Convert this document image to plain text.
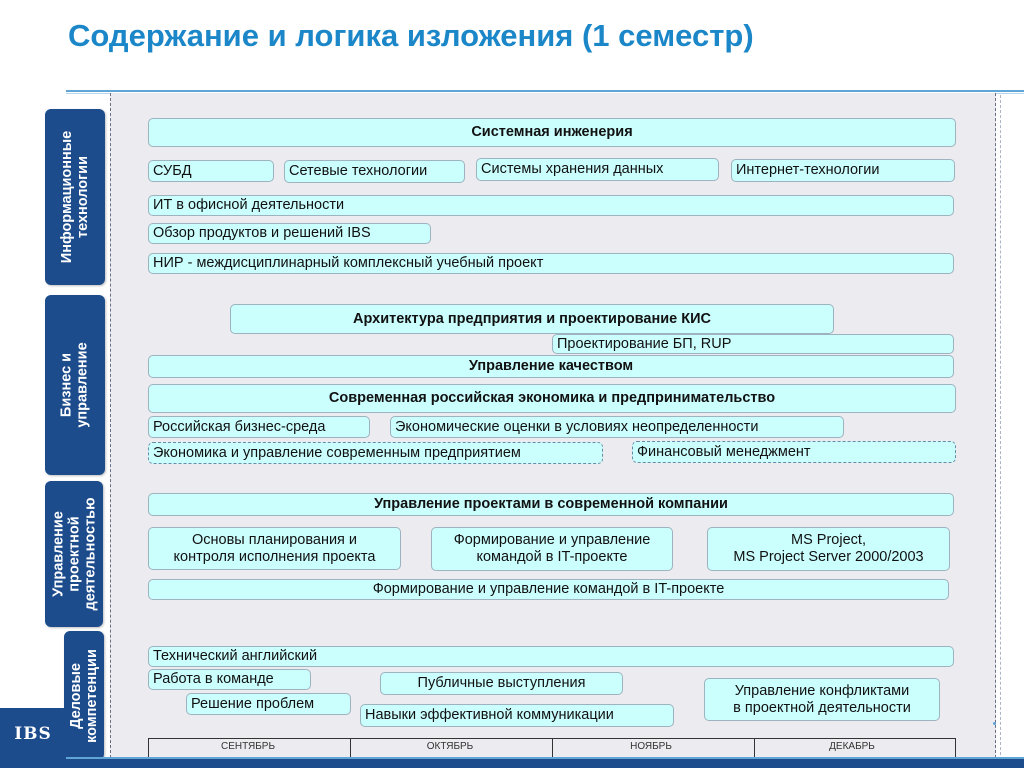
Содержание и логика изложения (1 семестр)
Информационные
технологии
Бизнес и
управление
Управление
проектной
деятельностью
Деловые
компетенции
Системная инженерия
СУБД	Сетевые технологии	Системы хранения данных	Интернет-технологии
ИТ в офисной деятельности
Обзор продуктов и решений IBS
НИР - междисциплинарный комплексный учебный проект
Архитектура предприятия и проектирование КИС
Проектирование БП, RUP
Управление качеством
Современная российская экономика и предпринимательство
Российская бизнес-среда	Экономические оценки в условиях неопределенности
Экономика и управление современным предприятием	Финансовый менеджмент
Управление проектами в современной компании
Основы планирования и
контроля исполнения проекта
Формирование и управление
командой в IT-проекте
MS Project,
MS Project Server 2000/2003
Формирование и управление командой в IT-проекте
Технический английский
Работа в команде	Публичные выступления	Управление конфликтами
в проектной деятельности
Решение проблем
Навыки эффективной коммуникации
СЕНТЯБРЬ	ОКТЯБРЬ	НОЯБРЬ	ДЕКАБРЬ
IBS
